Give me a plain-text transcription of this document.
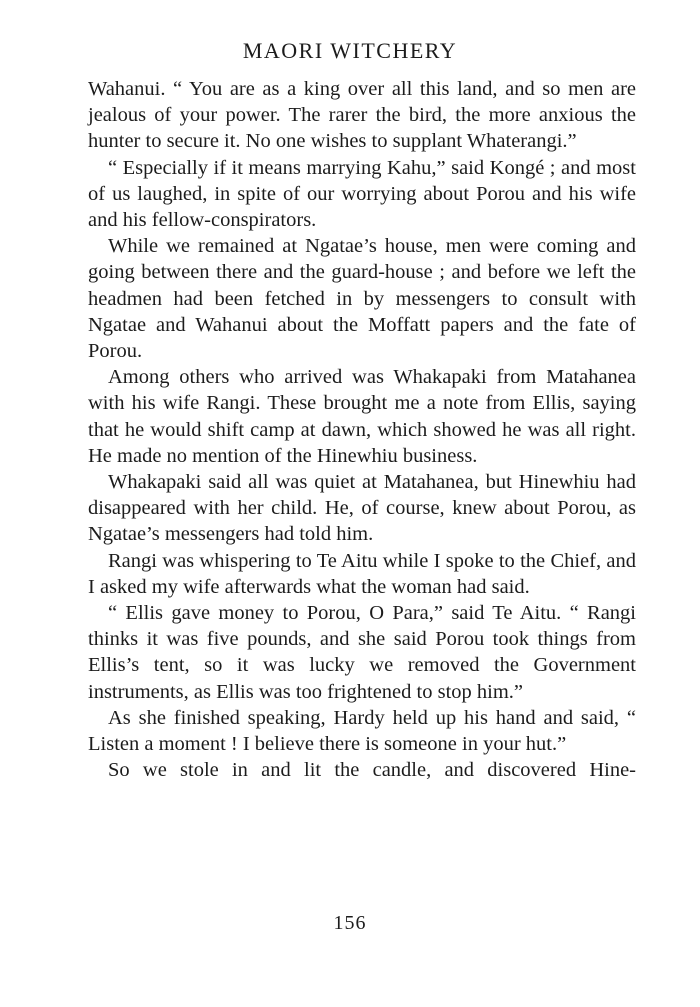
MAORI WITCHERY

Wahanui. “ You are as a king over all this land, and so men are jealous of your power. The rarer the bird, the more anxious the hunter to secure it. No one wishes to supplant Whaterangi.”

“ Especially if it means marrying Kahu,” said Kongé ; and most of us laughed, in spite of our worrying about Porou and his wife and his fellow-conspirators.

While we remained at Ngatae’s house, men were coming and going between there and the guard-house ; and before we left the headmen had been fetched in by messengers to consult with Ngatae and Wahanui about the Moffatt papers and the fate of Porou.

Among others who arrived was Whakapaki from Matahanea with his wife Rangi. These brought me a note from Ellis, saying that he would shift camp at dawn, which showed he was all right. He made no mention of the Hinewhiu business.

Whakapaki said all was quiet at Matahanea, but Hinewhiu had disappeared with her child. He, of course, knew about Porou, as Ngatae’s messengers had told him.

Rangi was whispering to Te Aitu while I spoke to the Chief, and I asked my wife afterwards what the woman had said.

“ Ellis gave money to Porou, O Para,” said Te Aitu. “ Rangi thinks it was five pounds, and she said Porou took things from Ellis’s tent, so it was lucky we removed the Government instruments, as Ellis was too frightened to stop him.”

As she finished speaking, Hardy held up his hand and said, “ Listen a moment ! I believe there is someone in your hut.”

So we stole in and lit the candle, and discovered Hine-

156
